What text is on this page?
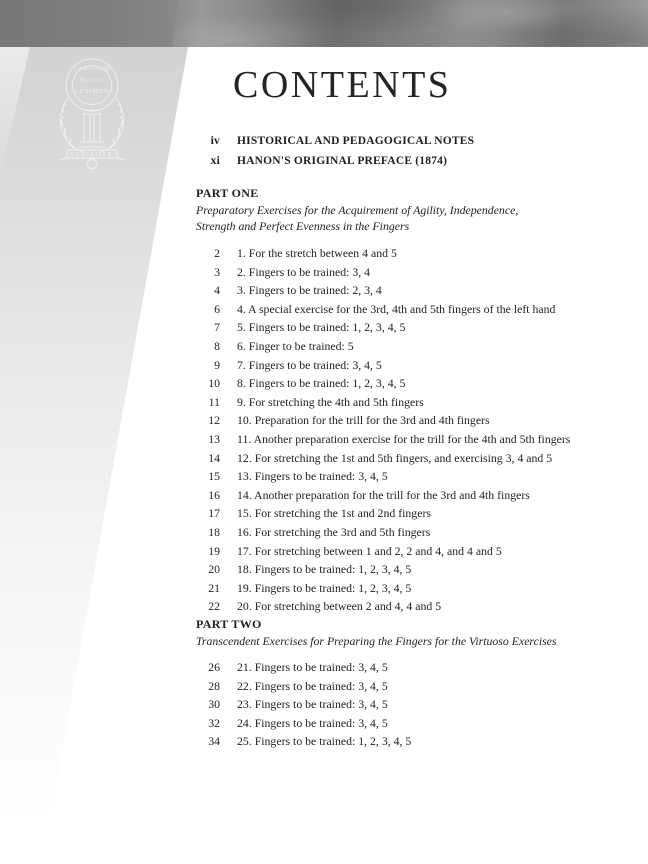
LABORUM
DULCE
LENIMEN
SCHIRMER
CONTENTS
iv HISTORICAL AND PEDAGOGICAL NOTES
xi HANON'S ORIGINAL PREFACE (1874)
PART ONE
Preparatory Exercises for the Acquirement of Agility, Independence,
Strength and Perfect Evenness in the Fingers
2 1. For the stretch between 4 and 5
3 2. Fingers to be trained: 3, 4
4 3. Fingers to be trained: 2, 3, 4
6 4. A special exercise for the 3rd, 4th and 5th fingers of the left hand
7 5. Fingers to be trained: 1, 2, 3, 4, 5
8 6. Finger to be trained: 5
9 7. Fingers to be trained: 3, 4, 5
10 8. Fingers to be trained: 1, 2, 3, 4, 5
11 9. For stretching the 4th and 5th fingers
12 10. Preparation for the trill for the 3rd and 4th fingers
13 11. Another preparation exercise for the trill for the 4th and 5th fingers
14 12. For stretching the 1st and 5th fingers, and exercising 3, 4 and 5
15 13. Fingers to be trained: 3, 4, 5
16 14. Another preparation for the trill for the 3rd and 4th fingers
17 15. For stretching the 1st and 2nd fingers
18 16. For stretching the 3rd and 5th fingers
19 17. For stretching between 1 and 2, 2 and 4, and 4 and 5
20 18. Fingers to be trained: 1, 2, 3, 4, 5
21 19. Fingers to be trained: 1, 2, 3, 4, 5
22 20. For stretching between 2 and 4, 4 and 5
PART TWO
Transcendent Exercises for Preparing the Fingers for the Virtuoso Exercises
26 21. Fingers to be trained: 3, 4, 5
28 22. Fingers to be trained: 3, 4, 5
30 23. Fingers to be trained: 3, 4, 5
32 24. Fingers to be trained: 3, 4, 5
34 25. Fingers to be trained: 1, 2, 3, 4, 5
